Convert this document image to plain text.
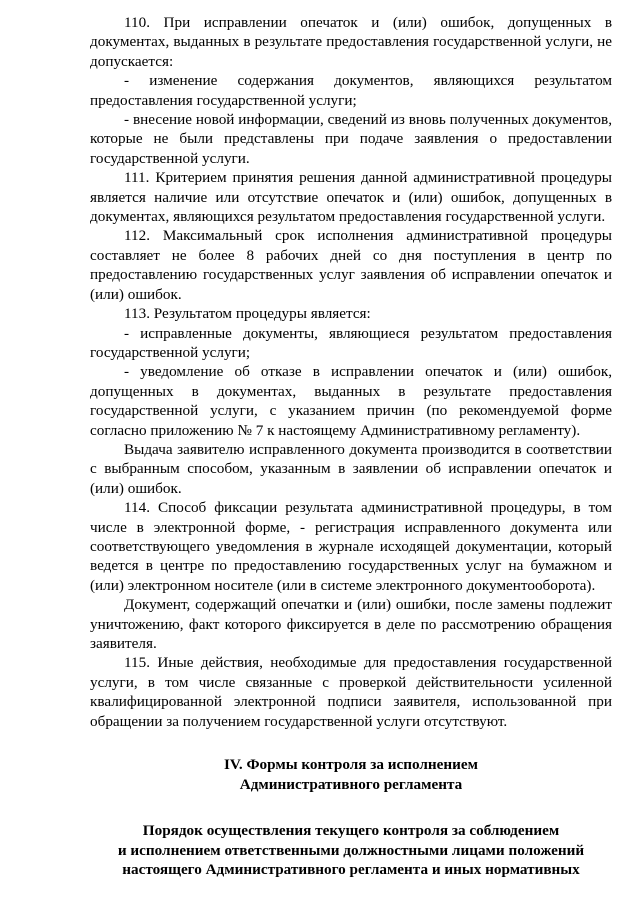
110. При исправлении опечаток и (или) ошибок, допущенных в документах, выданных в результате предоставления государственной услуги, не допускается:

- изменение содержания документов, являющихся результатом предоставления государственной услуги;

- внесение новой информации, сведений из вновь полученных документов, которые не были представлены при подаче заявления о предоставлении государственной услуги.

111. Критерием принятия решения данной административной процедуры является наличие или отсутствие опечаток и (или) ошибок, допущенных в документах, являющихся результатом предоставления государственной услуги.

112. Максимальный срок исполнения административной процедуры составляет не более 8 рабочих дней со дня поступления в центр по предоставлению государственных услуг заявления об исправлении опечаток и (или) ошибок.

113. Результатом процедуры является:

- исправленные документы, являющиеся результатом предоставления государственной услуги;

- уведомление об отказе в исправлении опечаток и (или) ошибок, допущенных в документах, выданных в результате предоставления государственной услуги, с указанием причин (по рекомендуемой форме согласно приложению № 7 к настоящему Административному регламенту).

Выдача заявителю исправленного документа производится в соответствии с выбранным способом, указанным в заявлении об исправлении опечаток и (или) ошибок.

114. Способ фиксации результата административной процедуры, в том числе в электронной форме, - регистрация исправленного документа или соответствующего уведомления в журнале исходящей документации, который ведется в центре по предоставлению государственных услуг на бумажном и (или) электронном носителе (или в системе электронного документооборота).

Документ, содержащий опечатки и (или) ошибки, после замены подлежит уничтожению, факт которого фиксируется в деле по рассмотрению обращения заявителя.

115. Иные действия, необходимые для предоставления государственной услуги, в том числе связанные с проверкой действительности усиленной квалифицированной электронной подписи заявителя, использованной при обращении за получением государственной услуги отсутствуют.

IV. Формы контроля за исполнением
Административного регламента
Порядок осуществления текущего контроля за соблюдением
и исполнением ответственными должностными лицами положений
настоящего Административного регламента и иных нормативных
